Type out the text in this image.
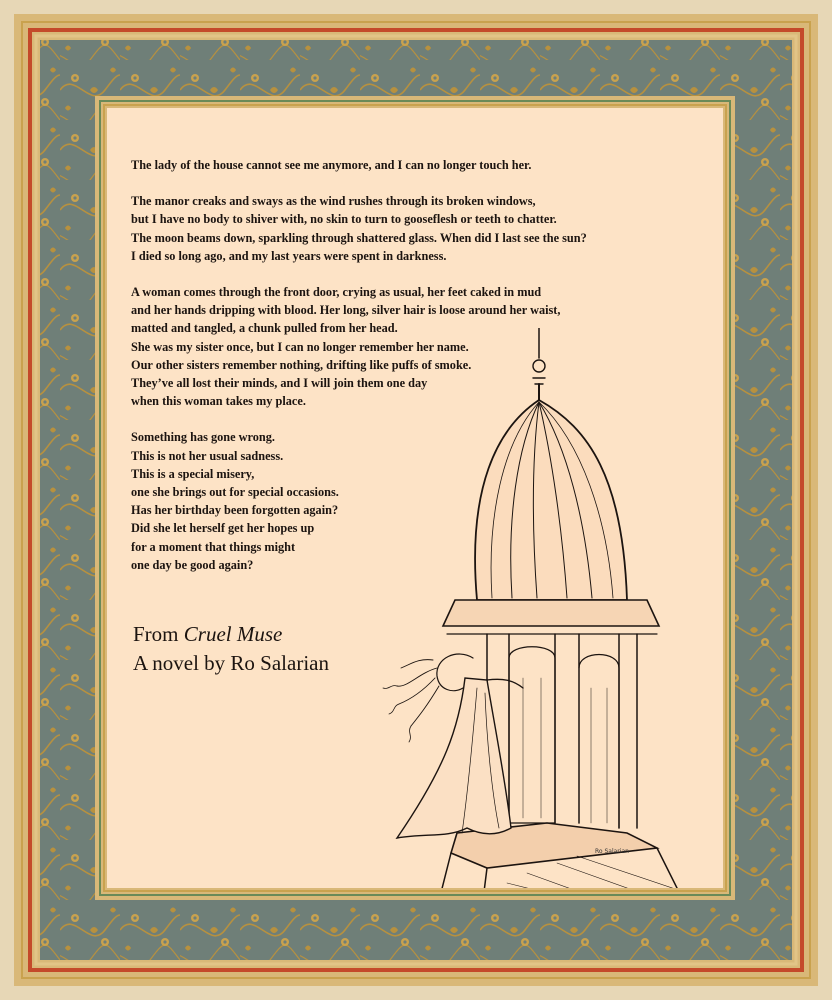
The lady of the house cannot see me anymore, and I can no longer touch her.
The manor creaks and sways as the wind rushes through its broken windows,
but I have no body to shiver with, no skin to turn to gooseflesh or teeth to chatter.
The moon beams down, sparkling through shattered glass. When did I last see the sun?
I died so long ago, and my last years were spent in darkness.
A woman comes through the front door, crying as usual, her feet caked in mud
and her hands dripping with blood. Her long, silver hair is loose around her waist,
matted and tangled, a chunk pulled from her head.
She was my sister once, but I can no longer remember her name.
Our other sisters remember nothing, drifting like puffs of smoke.
They’ve all lost their minds, and I will join them one day
when this woman takes my place.
Something has gone wrong.
This is not her usual sadness.
This is a special misery,
one she brings out for special occasions.
Has her birthday been forgotten again?
Did she let herself get her hopes up
for a moment that things might
one day be good again?
From Cruel Muse
A novel by Ro Salarian
Ro Salarian
